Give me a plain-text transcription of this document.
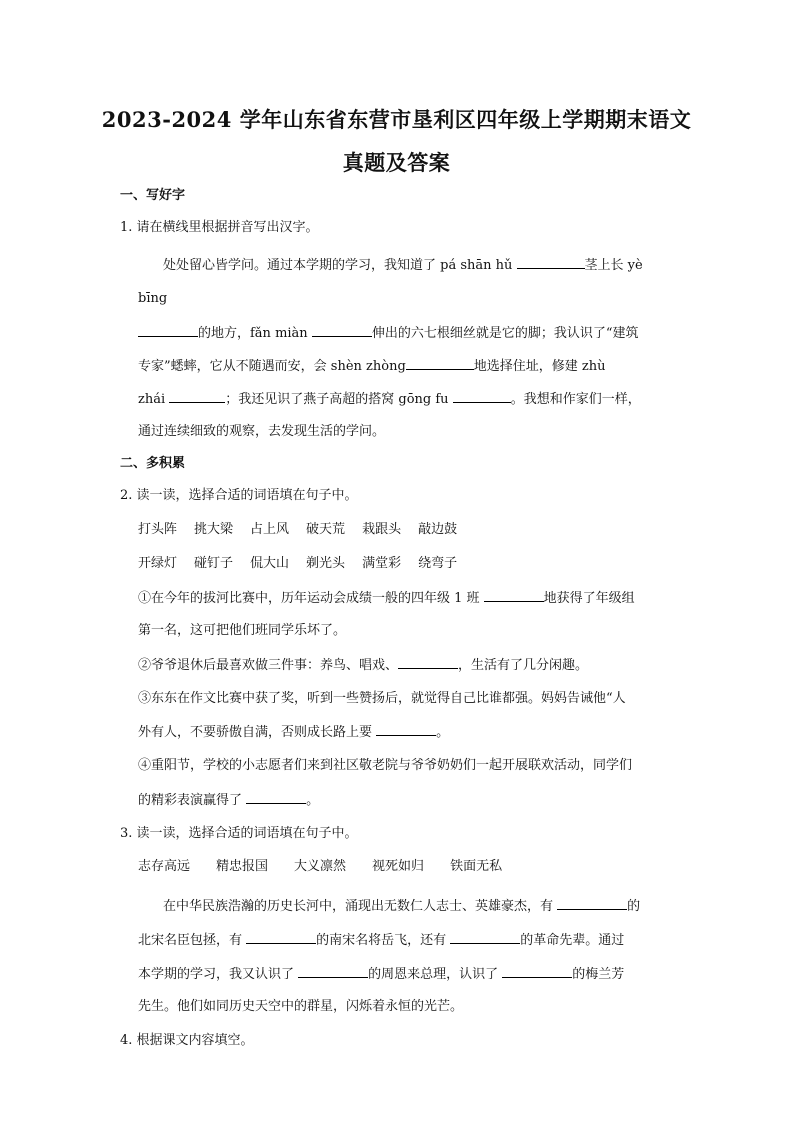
2023-2024 学年山东省东营市垦利区四年级上学期期末语文
真题及答案
一、写好字
1. 请在横线里根据拼音写出汉字。
处处留心皆学问。通过本学期的学习，我知道了 pá shān hǔ	茎上长 yè
bīng
的地方，fǎn miàn	伸出的六七根细丝就是它的脚；我认识了“建筑
专家”蟋蟀，它从不随遇而安，会 shèn zhòng	地选择住址，修建 zhù
zhái	；我还见识了燕子高超的搭窝 gōng fu	。我想和作家们一样，
通过连续细致的观察，去发现生活的学问。
二、多积累
2. 读一读，选择合适的词语填在句子中。
打头阵 挑大梁 占上风 破天荒 栽跟头 敲边鼓
开绿灯 碰钉子 侃大山 剃光头 满堂彩 绕弯子
①在今年的拔河比赛中，历年运动会成绩一般的四年级 1 班	地获得了年级组
第一名，这可把他们班同学乐坏了。
②爷爷退休后最喜欢做三件事：养鸟、唱戏、	，生活有了几分闲趣。
③东东在作文比赛中获了奖，听到一些赞扬后，就觉得自己比谁都强。妈妈告诫他“人
外有人，不要骄傲自满，否则成长路上要	。
④重阳节，学校的小志愿者们来到社区敬老院与爷爷奶奶们一起开展联欢活动，同学们
的精彩表演赢得了	。
3. 读一读，选择合适的词语填在句子中。
志存高远 精忠报国 大义凛然 视死如归 铁面无私
在中华民族浩瀚的历史长河中，涌现出无数仁人志士、英雄豪杰，有	的
北宋名臣包拯，有	的南宋名将岳飞，还有	的革命先辈。通过
本学期的学习，我又认识了	的周恩来总理，认识了	的梅兰芳
先生。他们如同历史天空中的群星，闪烁着永恒的光芒。
4. 根据课文内容填空。
